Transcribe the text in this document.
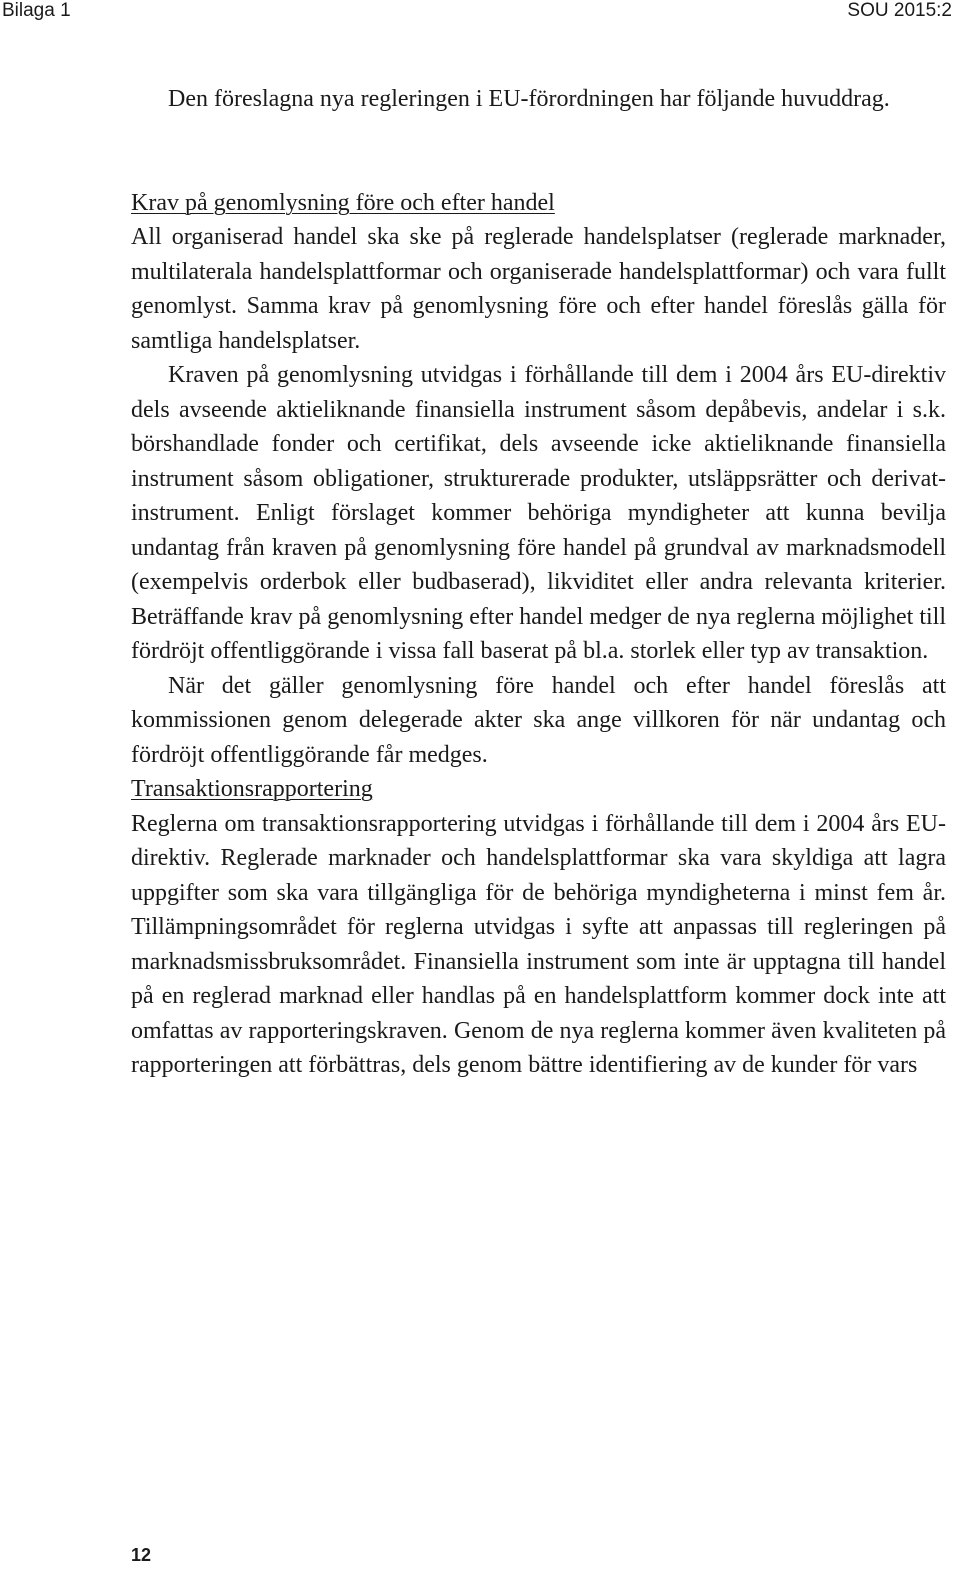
Bilaga 1	SOU 2015:2

Den föreslagna nya regleringen i EU-förordningen har följande huvuddrag.

Krav på genomlysning före och efter handel

All organiserad handel ska ske på reglerade handelsplatser (reglerade marknader, multilaterala handelsplattformar och organiserade handelsplattformar) och vara fullt genomlyst. Samma krav på genomlysning före och efter handel föreslås gälla för samtliga handelsplatser.

Kraven på genomlysning utvidgas i förhållande till dem i 2004 års EU-direktiv dels avseende aktieliknande finansiella instrument såsom depåbevis, andelar i s.k. börshandlade fonder och certifikat, dels avseende icke aktieliknande finansiella instrument såsom obligationer, strukturerade produkter, utsläppsrätter och derivatinstrument. Enligt förslaget kommer behöriga myndigheter att kunna bevilja undantag från kraven på genomlysning före handel på grundval av marknadsmodell (exempelvis orderbok eller budbaserad), likviditet eller andra relevanta kriterier. Beträffande krav på genomlysning efter handel medger de nya reglerna möjlighet till fördröjt offentliggörande i vissa fall baserat på bl.a. storlek eller typ av transaktion.

När det gäller genomlysning före handel och efter handel föreslås att kommissionen genom delegerade akter ska ange villkoren för när undantag och fördröjt offentliggörande får medges.

Transaktionsrapportering

Reglerna om transaktionsrapportering utvidgas i förhållande till dem i 2004 års EU-direktiv. Reglerade marknader och handelsplattformar ska vara skyldiga att lagra uppgifter som ska vara tillgängliga för de behöriga myndigheterna i minst fem år. Tillämpningsområdet för reglerna utvidgas i syfte att anpassas till regleringen på marknadsmissbruksområdet. Finansiella instrument som inte är upptagna till handel på en reglerad marknad eller handlas på en handelsplattform kommer dock inte att omfattas av rapporteringskraven. Genom de nya reglerna kommer även kvaliteten på rapporteringen att förbättras, dels genom bättre identifiering av de kunder för vars

12
